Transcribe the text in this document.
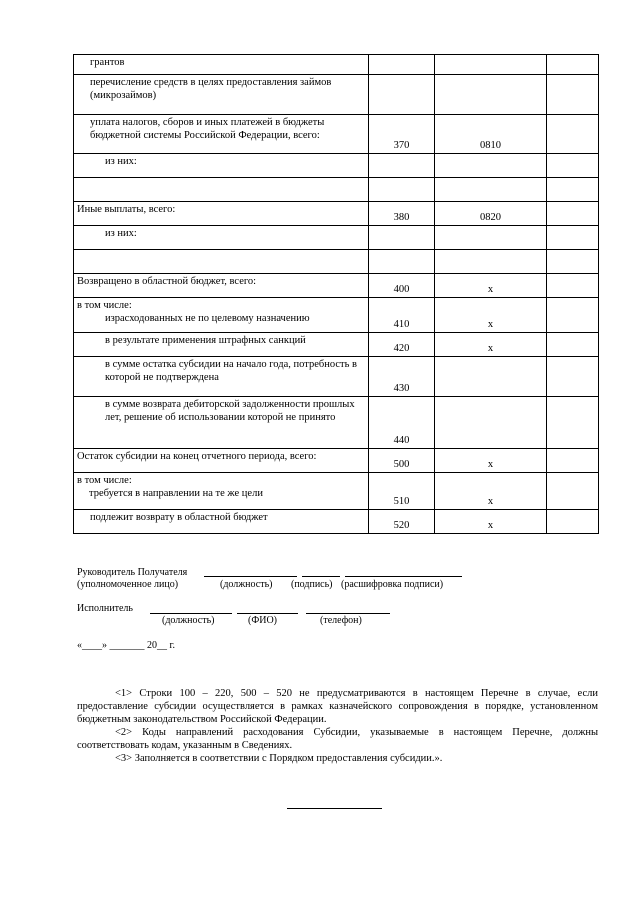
грантов			
перечисление средств в целях предоставления займов (микрозаймов)			
уплата налогов, сборов и иных платежей в бюджеты бюджетной системы Российской Федерации, всего:	370	0810	
из них:			

Иные выплаты, всего:	380	0820	
из них:			

Возвращено в областной бюджет, всего:	400	x	

в том числе:
израсходованных не по целевому назначению	410	x	
в результате применения штрафных санкций	420	x	
в сумме остатка субсидии на начало года, потребность в которой не подтверждена	430		
в сумме возврата дебиторской задолженности прошлых лет, решение об использовании которой не принято	440		
Остаток субсидии на конец отчетного периода, всего:	500	x	

в том числе:
требуется в направлении на те же цели	510	x	
подлежит возврату в областной бюджет	520	x	
Руководитель Получателя
(уполномоченное лицо)	(должность) (подпись) (расшифровка подписи)
Исполнитель
(должность)	(ФИО)	(телефон)
«____» _______ 20__ г.

<1> Строки 100 – 220, 500 – 520 не предусматриваются в настоящем Перечне в случае, если предоставление субсидии осуществляется в рамках казначейского сопровождения в порядке, установленном бюджетным законодательством Российской Федерации.

<2> Коды направлений расходования Субсидии, указываемые в настоящем Перечне, должны соответствовать кодам, указанным в Сведениях.

<3> Заполняется в соответствии с Порядком предоставления субсидии.».
